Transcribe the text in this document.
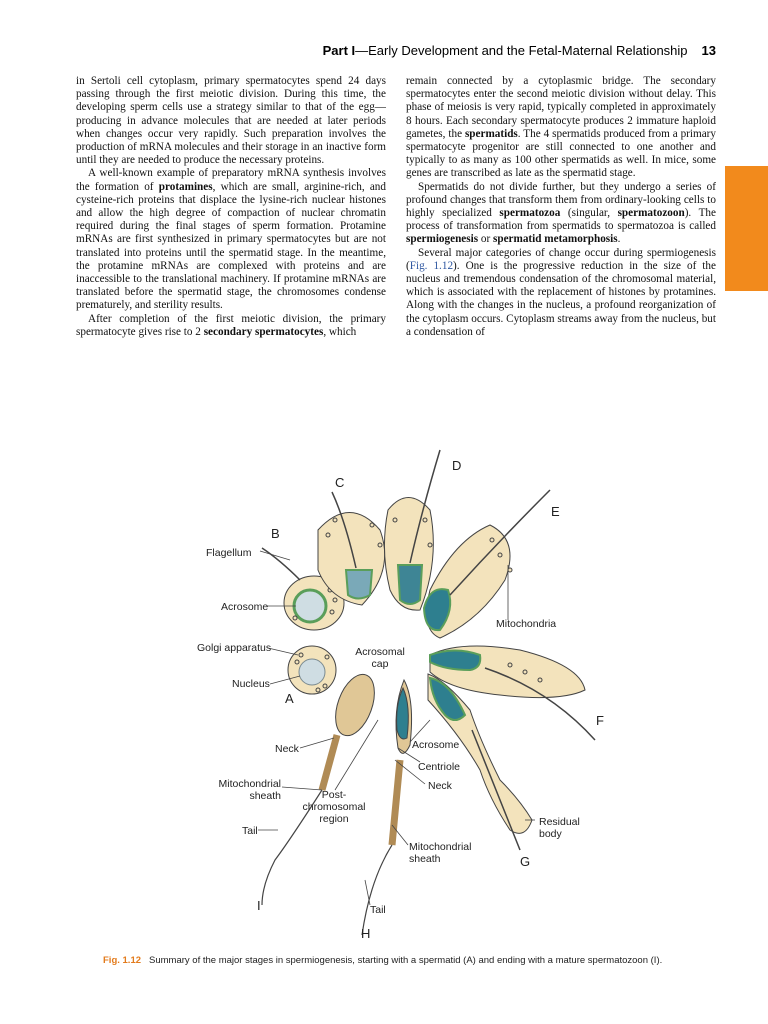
Part I—Early Development and the Fetal-Maternal Relationship 13

in Sertoli cell cytoplasm, primary spermatocytes spend 24 days passing through the first meiotic division. During this time, the developing sperm cells use a strategy similar to that of the egg—producing in advance molecules that are needed at later periods when changes occur very rapidly. Such preparation involves the production of mRNA molecules and their storage in an inactive form until they are needed to produce the necessary proteins.

A well-known example of preparatory mRNA synthesis involves the formation of protamines, which are small, arginine-rich, and cysteine-rich proteins that displace the lysine-rich nuclear histones and allow the high degree of compaction of nuclear chromatin required during the final stages of sperm formation. Protamine mRNAs are first synthesized in primary spermatocytes but are not translated into proteins until the spermatid stage. In the meantime, the protamine mRNAs are complexed with proteins and are inaccessible to the translational machinery. If protamine mRNAs are translated before the spermatid stage, the chromosomes condense prematurely, and sterility results.

After completion of the first meiotic division, the primary spermatocyte gives rise to 2 secondary spermatocytes, which

remain connected by a cytoplasmic bridge. The secondary spermatocytes enter the second meiotic division without delay. This phase of meiosis is very rapid, typically completed in approximately 8 hours. Each secondary spermatocyte produces 2 immature haploid gametes, the spermatids. The 4 spermatids produced from a primary spermatocyte progenitor are still connected to one another and typically to as many as 100 other spermatids as well. In mice, some genes are transcribed as late as the spermatid stage.

Spermatids do not divide further, but they undergo a series of profound changes that transform them from ordinary-looking cells to highly specialized spermatozoa (singular, spermatozoon). The process of transformation from spermatids to spermatozoa is called spermiogenesis or spermatid metamorphosis.

Several major categories of change occur during spermiogenesis (Fig. 1.12). One is the progressive reduction in the size of the nucleus and tremendous condensation of the chromosomal material, which is associated with the replacement of histones by protamines. Along with the changes in the nucleus, a profound reorganization of the cytoplasm occurs. Cytoplasm streams away from the nucleus, but a condensation of

A
B
C
D
E
F
G
H
I
Flagellum
Acrosome
Golgi apparatus
Nucleus
Acrosomal cap
Mitochondria
Neck
Mitochondrial sheath
Tail
Post-chromosomal region
Acrosome
Centriole
Neck
Mitochondrial sheath
Tail
Residual body
Fig. 1.12 Summary of the major stages in spermiogenesis, starting with a spermatid (A) and ending with a mature spermatozoon (I).
